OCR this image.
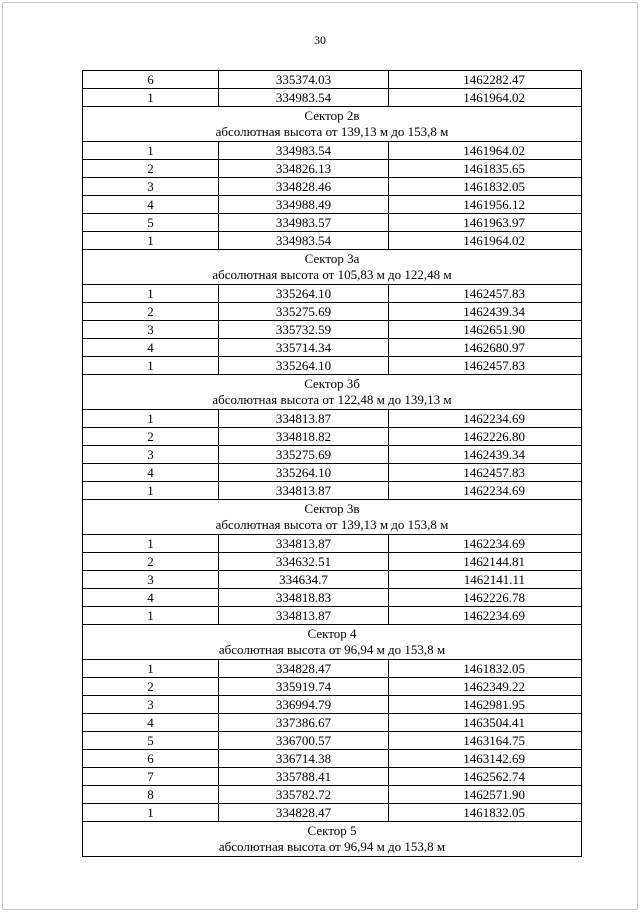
30
6	335374.03	1462282.47
1	334983.54	1461964.02

Сектор 2в
абсолютная высота от 139,13 м до 153,8 м		

1	334983.54	1461964.02
2	334826.13	1461835.65
3	334828.46	1461832.05
4	334988.49	1461956.12
5	334983.57	1461963.97
1	334983.54	1461964.02

Сектор 3а
абсолютная высота от 105,83 м до 122,48 м		

1	335264.10	1462457.83
2	335275.69	1462439.34
3	335732.59	1462651.90
4	335714.34	1462680.97
1	335264.10	1462457.83

Сектор 3б
абсолютная высота от 122,48 м до 139,13 м		

1	334813.87	1462234.69
2	334818.82	1462226.80
3	335275.69	1462439.34
4	335264.10	1462457.83
1	334813.87	1462234.69

Сектор 3в
абсолютная высота от 139,13 м до 153,8 м		

1	334813.87	1462234.69
2	334632.51	1462144.81
3	334634.7	1462141.11
4	334818.83	1462226.78
1	334813.87	1462234.69

Сектор 4
абсолютная высота от 96,94 м до 153,8 м		

1	334828.47	1461832.05
2	335919.74	1462349.22
3	336994.79	1462981.95
4	337386.67	1463504.41
5	336700.57	1463164.75
6	336714.38	1463142.69
7	335788.41	1462562.74
8	335782.72	1462571.90
1	334828.47	1461832.05

Сектор 5
абсолютная высота от 96,94 м до 153,8 м		
